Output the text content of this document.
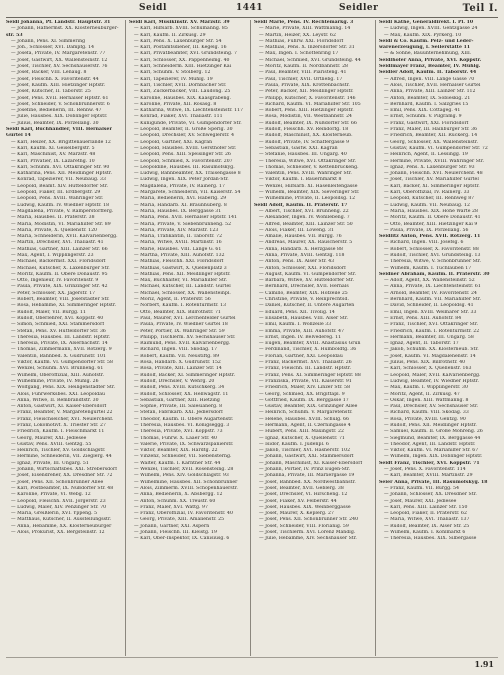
Seidl	1441	Seidler	Teil I.
Seidl Johanna, Pf. Landstr. Hauptstr. 31
— Johann, Hafnermst. XX. Klosterneuburger-
str. 53
— Johann, Pens. XI. Simmering
— Joh., Schlosser, XVI. Dampfg. 14
— Josefa, Private, IV. Margaretenstr. 77
— Josef, Gastwirt, XX. Wallensteinstr. 12
— Josef, Tischler, XV. Sechshauserstr. 76
— Josef, Bäcker, VIII. Lenaug. 8
— Josef, Fleischh. X. Favoritenstr. 44
— Josef, Kaufm. XIII. Hietzinger Hptstr.
— Josef, Kutscher, II. Taborstr. 25
— Josef, Pens. XVII. Hernalser Hptstr. 61
— Josef, Schneider, V. Schönbrunnerstr. 6
— Josefine, Bedienerin, III. Rennw. 47
— Julie, Hausbes. XIX. Döblinger Hptstr.
— Julius, Beamter, IX. Porzellang. 30
Seidl Karl, Buchhändler, VIII. Hernalser
Gürtel 14
— Karl, Heizer, XX. Brigittenauerlände 12
— Karl, Kaufm. XI. Geiselbergstr. 5
— Karl, Maschinist, XV. Märzstr. 48
— Karl, Privatier, IX. Lazarethg. 10
— Karl, Schuhm. XVI. Ottakringer Str. 90
— Katharina, Pens. XII. Meidlinger Hptstr.
— Konrad, Tapezierer, VII. Neubaug. 33
— Leopold, Beamt. XIV. Hütteldorfer Str.
— Leopold, Fiaker, III. Erdbergstr. 29
— Leopold, Pens. XVIII. Währinger Str.
— Ludwig, Kaufm. IV. Wiedner Hptstr. 18
— Magdalena, Private, V. Ramperstorfferg.
— Maria, Hausbes. II. Praterstr. 38
— Maria, Modistin, VI. Mariahilfer Str. 89
— Maria, Private, X. Quellenstr. 120
— Maria, Schneiderin, XVII. Kalvarienbergg.
— Martin, Drechsler, XVI. Thaliastr. 41
— Mathias, Gärtner, XIII. Lainzer Str. 66
— Max, Agent, I. Wipplingerstr. 23
— Michael, Bäckermst. XXI. Floridsdorf
— Michael, Kutscher, X. Laxenburger Str.
— Moritz, Kaufm. II. Obere Donaustr. 95
— Otto, Ingenieur, IV. Favoritenstr. 9
— Paula, Private, XIX. Grinzinger Str. 42
— Peter, Schlosser, XX. Jägerstr. 17
— Robert, Beamter, VIII. Josefstädter Str.
— Rosa, Hebamme, XI. Simmeringer Hptstr.
— Rudolf, Maler, VII. Burgg. 11
— Rudolf, Oberlehrer, XVI. Koppstr. 40
— Simon, Schmied, XXI. Stammersdorf
— Stefan, Pens. XV. Hütteldorfer Str. 36
— Theresia, Hausbes. III. Landstr. Hptstr.
— Theresia, Private, IX. Alserbachstr. 14
— Thomas, Zimmermann, XVII. Rötzerg. 9
— Valentin, Bahnbed. X. Gudrunstr. 101
— Viktor, Kaufm. VI. Gumpendorfer Str. 58
— Wenzel, Schuhm. XVI. Brunneng. 61
— Wilhelm, Oberoffizial, XIII. Auhofstr.
— Wilhelmine, Private, IV. Mühlg. 26
— Wolfgang, Pens. XIX. Heiligenstädter Str.
— Alois, Fuhrwerksbes. XXI. Leopoldau
— Anna, Witwe, II. Rembrandtstr. 30
— Anton, Gastwirt, XI. Kaiser-Ebersdorf
— Franz, Beamter, V. Margaretengürtel 22
— Franz, Fleischselcher, XVI. Neulerchenf.
— Franz, Lokomotivf. X. Triester Str. 27
— Friedrich, Kaufm. I. Fleischmarkt 11
— Georg, Maurer, XXI. Jedlesee
— Gustav, Pens. XVIII. Gentzg. 55
— Heinrich, Tischler, XV. Goldschlagstr.
— Hermine, Schneiderin, VII. Zieglerg. 44
— Ignaz, Private, III. Ungarg. 51
— Johann, Wirtschaftsbes. XXI. Strebersdorf
— Josef, Eisendreher, XX. Dresdner Str. 72
— Josef, Pens. XII. Schönbrunner Allee
— Karl, Postbeamter, IX. Nußdorfer Str. 48
— Karoline, Private, VI. Webg. 12
— Leopold, Fleischh. XVII. Jörgerstr. 23
— Ludwig, Maler, XIV. Penzinger Str. 70
— Maria, Greißlerin, XVI. Yppeng. 5
— Matthäus, Kutscher, II. Ausstellungsstr.
— Anna, Hebamme, XX. Klosterneuburger
— Alois, Prokurist, XX. Bergsteinstr. 12
Seidl Karl, Musikinstr. XV. Märzstr. 39
— Karl, Hilfsarb. XVIII. Schumanng. 85
— Karl, Kaufm. II. Zirkusg. 29
— Karl, Pens. X. Laxenburger Str. 54
— Karl, Postamtsdiener, III. Kegelg. 16
— Karl, Privatbeamter, XVI. Grundsteing. 7
— Karl, Schlosser, XX. Pappenheimg. 40
— Karl, Schneiderm. XIII. Hietzinger Kai
— Karl, Schuhm. V. Stolberg. 12
— Karl, Tapezierer, IV. Mühlg. 19
— Karl, Tischler, XVII. Dornbacher Str.
— Karl, Zuckerbäcker, VIII. Laudong. 25
— Karoline, Hausbes. XIX. Kaasgrabeng.
— Karoline, Private, XII. Rosasg. 8
— Katharina, Witwe, IX. Liechtensteinstr. 117
— Konrad, Fiaker, XVI. Thaliastr. 111
— Kunigunde, Private, VI. Gumpendorfer Str.
— Leopold, Beamter, II. Große Sperlg. 30
— Leopold, Drechsler, XV. Schweglerstr. 4
— Leopold, Gärtner, XXI. Kagran
— Leopold, Hausbes. XVIII. Gersthofer Str.
— Leopold, Pens. XIII. Speisinger Str. 26
— Leopold, Schmied, X. Favoritenstr. 207
— Leopoldine, Hausbes. III. Rasumofskyg.
— Ludwig, Bahnbeamter, XX. Traisengasse 8
— Ludwig, Ingen. XIX. Peter Jordan-Str.
— Magdalena, Private, IV. Rainerg. 17
— Margarete, Schneiderin, VII. Kaiserstr. 54
— Maria, Bedienerin, XVI. Haberlg. 29
— Maria, Handarb. XI. Braunhuberg. 8
— Maria, Hausbes. IX. Berggasse 31
— Maria, Pens. XVII. Hernalser Hptstr. 141
— Maria, Private, V. Siebenbrunneng. 52
— Maria, Private, XIV. Märzstr. 123
— Maria, Trafikantin, II. Taborstr. 72
— Maria, Witwe, XVIII. Martinstr. 16
— Marie, Hausbes. VIII. Lange G. 61
— Martha, Private, XIII. Auhofstr. 132
— Mathias, Fleischh. XXI. Floridsdorf
— Mathias, Gastwirt, X. Quellenplatz 3
— Mathias, Pens. XII. Meidlinger Hptstr.
— Max, Buchhalter, VI. Mariahilfer Str.
— Michael, Kutscher, III. Landstr. Gürtel
— Michael, Schlosser, XX. Wallensteinpl.
— Moriz, Agent, II. Praterstr. 56
— Norbert, Kaufm. I. Rotenturmstr. 13
— Otto, Beamter, XIX. Billrothstr. 71
— Paul, Maurer, XVI. Lerchenfelder Gürtel
— Paula, Private, IV. Wiedner Gürtel 18
— Peter, Portier, IX. Währinger Str. 59
— Philipp, Tischlerm. XV. Sechshauser Str.
— Raimund, Pens. XVII. Kalvarienbergg.
— Richard, Ingen. VIII. Skodag. 17
— Robert, Kaufm. VII. Neustiftg. 89
— Rosa, Handarb. X. Gudrunstr. 152
— Rosa, Private, XIII. Lainzer Str. 14
— Rudolf, Bäcker, XI. Simmeringer Hptstr.
— Rudolf, Drechsler, V. Wehrg. 20
— Rudolf, Pens. XVIII. Kutschkerg. 34
— Rudolf, Schlosser, XX. Hellwagstr. 11
— Sebastian, Gärtner, XIII. Hietzing
— Sophie, Private, III. Salesianerg. 8
— Stefan, Fabrikarb. XXI. Jedlersdorf
— Theodor, Kaufm. II. Obere Augartenstr.
— Theresia, Hausbes. VI. Königseggg. 3
— Theresia, Private, XVI. Koppstr. 73
— Thomas, Fuhrw. X. Laaer Str. 40
— Valerie, Private, IX. Schwarzspanierstr.
— Viktor, Beamter, XIX. Hardtg. 22
— Vinzenz, Schneider, VII. Siebensterng.
— Walter, Kaufm. I. Kärntner Str. 44
— Wenzel, Tischler, XVII. Rosensteing. 28
— Wilhelm, Pens. XIV. Goldschlagstr. 93
— Wilhelmine, Hausbes. XII. Schönbrunner
— Alois, Zimmerm. XVIII. Schopenhauerstr.
— Anna, Bedienerin, X. Absbergg. 12
— Anton, Schuhm. XX. Treustr. 60
— Franz, Maler, XVI. Wattg. 97
— Franz, Oberoffizial, IV. Favoritenstr. 40
— Georg, Private, XIII. Amalienstr. 25
— Johann, Gärtner, XXI. Aspern
— Johann, Fleischh. III. Kleistg. 19
— Karl, Ober-Inspektor, IX. Canisiusg. 6
Seidl Marie, Pens. IV. Rechtemarkg. 3
— Marie, Private, XIII. Wattmanng. 14
— Martin, Heizer, XX. Leystr. 62
— Mathias, Fuhrw. XXI. Floridsdorf
— Mathias, Pens. X. Inzersdorfer Str. 31
— Max, Ingen. I. Schottenring 17
— Michael, Schmied, XVI. Grundsteing. 44
— Moritz, Kaufm. II. Nordbahnstr. 28
— Paul, Beamter, VIII. Piaristeng. 41
— Paul, Tischler, XVII. Ortliebg. 17
— Paula, Private, XIX. Krottenbachstr.
— Peter, Bäcker, XII. Meidlinger Hptstr.
— Philipp, Kutscher, X. Favoritenstr. 146
— Richard, Kaufm. VI. Mariahilfer Str. 105
— Robert, Pens. XIII. Hietzinger Hptstr.
— Rosa, Modistin, VII. Westbahnstr. 24
— Rudolf, Beamter, IX. Nußdorfer Str. 66
— Rudolf, Fleischh. XV. Reindorfg. 18
— Rudolf, Maschinist, XX. Klosterneub.
— Rudolf, Private, IV. Schäffergasse 9
— Sebastian, Gastw. XXI. Kagran
— Stefanie, Hausbes. III. Ungarg. 40
— Theresia, Witwe, XVI. Ottakringer Str.
— Thomas, Schneider, V. Kettenbrückeng.
— Valentin, Pens. XVIII. Währinger Str.
— Viktor, Kaufm. I. Bauernmarkt 8
— Wenzel, Hilfsarb. XI. Hasenleitengasse
— Wilhelm, Beamter, XIX. Sieveringer Str.
— Wilhelmine, Private, II. Leopoldsg. 12
Seidl Adolf, Kaufm. II. Praterstr. 17
— Albert, Tischler, XVI. Brunneng. 22
— Alexander, Ingen. IV. Wohllebeng. 7
— Alfred, Beamter, XIII. Lainzer Str. 50
— Alois, Fiaker, III. Löweng. 31
— Amalie, Hausbes. VII. Burgg. 76
— Andreas, Maurer, XX. Rauscherstr. 5
— Anna, Handarb. X. Herzgasse 88
— Anna, Private, XVIII. Gentzg. 118
— Anton, Pens. IX. Alser Str. 43
— Anton, Schlosser, XXI. Floridsdorf
— August, Kaufm. VI. Gumpendorfer Str.
— Barbara, Witwe, XV. Hütteldorfer Str.
— Bernhard, Drechsler, XVII. Hernals
— Camillo, Beamter, XIX. Hofzeile 25
— Christine, Private, V. Reinprechtsd.
— Daniel, Kutscher, II. Untere Augarten
— Eduard, Pens. XII. Tivolig. 14
— Elisabeth, Hausbes. VIII. Alser Str.
— Emil, Kaufm. I. Wollzeile 33
— Emma, Private, XIII. Auhofstr. 47
— Ernst, Ingen. IV. Belvedereg. 11
— Eugen, Beamter, XVIII. Anastasius Grün
— Ferdinand, Tischler, X. Humboldtg. 36
— Florian, Gärtner, XXI. Leopoldau
— Franz, Bäckermst. XVI. Thaliastr. 26
— Franz, Fleischh. III. Landstr. Hptstr.
— Franz, Pens. XI. Simmeringer Hptstr. 88
— Franziska, Private, VII. Kaiserstr. 91
— Friedrich, Maler, XIV. Linzer Str. 58
— Georg, Schmied, XX. Brigittapl. 9
— Gottfried, Kaufm. IX. Berggasse 17
— Gustav, Beamter, XIX. Grinzinger Allee
— Heinrich, Schuhm. V. Margaretenstr.
— Helene, Hausbes. XVIII. Schulg. 66
— Hermann, Agent, II. Czerningasse 4
— Hubert, Pens. XIII. Maxingstr. 22
— Ignaz, Kutscher, X. Quellenstr. 71
— Isidor, Kaufm. I. Judenpl. 6
— Jakob, Tischler, XVI. Hasnerstr. 102
— Johann, Gastwirt, XXI. Stammersdorf
— Johann, Maschinist, XI. Kaiser-Ebersdorf
— Johann, Portier, IV. Prinz Eugen-Str.
— Johanna, Private, III. Marxergasse 19
— Josef, Bahnbed. XX. Nordwestbahnstr.
— Josef, Beamter, XVII. Geblerg. 38
— Josef, Drechsler, VI. Hirscheng. 12
— Josef, Fiaker, XV. Felberstr. 44
— Josef, Hausbes. XIX. Weinberggasse
— Josef, Maurer, X. Keplerg. 27
— Josef, Pens. XII. Schönbrunner Str. 240
— Josef, Schneider, VIII. Florianig. 59
— Josef, Tischlerm. XVI. Lorenz Mandlg.
— Julie, Hebamme, XIV. Sechshauser Str.
Seidl Käthe, Generaldirekt. I. Pl. 10
— Ludwig, Ingen. XVIII. Gentzgasse 24
— Max, Kaufm. XIX. Pyrkerg. 10
Seidl & Co. Kaufm. Pelz- und Leder-
warenerzeugung, I. Seilerstätte 11
— & Söhne, Bauunternehmung, XIII.
Seidlhofer Anna, Private, XVI. Koppstr.
Seidlmayer Franz, Beamter, IV. Mühlg.
Seidler Adolf, Kaufm. II. Taborstr. 44
— Alfred, Ingen. VIII. Lange Gasse 70
— Alois, Tischler, XVII. Hernalser Gürtel
— Anna, Private, XIII. Lainzer Str. 112
— Anton, Beamter, IX. Sobieskig. 21
— Bernhard, Kaufm. I. Salzgries 15
— Emil, Pens. XIX. Cottageg. 41
— Ernst, Schuhm. V. Pilgramg. 9
— Franz, Gastwirt, XXI. Floridsdorf
— Franz, Maler, III. Hainburger Str. 36
— Friedrich, Beamter, XII. Ruckerg. 14
— Georg, Schlosser, XX. Wallensteinstr.
— Gustav, Kaufm. VI. Gumpendorfer Str. 72
— Heinrich, Agent, II. Lessingg. 19
— Hermine, Private, XVIII. Währinger Str.
— Ignaz, Pens. X. Laxenburger Str. 93
— Johann, Fleischh. XVI. Neulerchenf. 48
— Josef, Tischler, XV. Mariahilfer Gürtel
— Karl, Bäcker, XI. Simmeringer Hptstr.
— Karl, Oberoffizial, IV. Rainerg. 33
— Leopold, Kutscher, III. Rennweg 87
— Ludwig, Kaufm. VII. Neubaug. 12
— Maria, Hausbes. XIX. Hohe Warte 28
— Moritz, Kaufm. II. Obere Donaustr. 41
— Otto, Beamter, XIII. Hietzinger Kai 9
— Paula, Private, IX. Porzellang. 56
Seidlitz Anton, Pens. XVII. Rötzerg. 11
— Richard, Ingen. VIII. Josefsg. 6
— Robert, Schlosser, X. Favoritenstr. 88
— Rudolf, Tischler, XVI. Grundsteing. 13
— Theresia, Witwe, V. Schönbrunner Str.
— Wilhelm, Kaufm. I. Tuchlauben 17
Seidner Abraham, Kaufm. II. Praterstr. 30
— Adolf, Agent, XX. Wallensteinstr. 52
— Anna, Private, IX. Liechtensteinstr. 61
— Arnold, Beamter, IV. Favoritenstr. 24
— Bernhard, Kaufm. VII. Mariahilfer Str.
— David, Schneider, II. Leopoldsg. 41
— Emil, Ingen. XVIII. Weimarer Str. 33
— Ernst, Pens. XIII. Auhofstr. 84
— Franz, Tischler, XVI. Ottakringer Str.
— Friedrich, Kaufm. I. Rotenturmstr. 22
— Hermann, Beamter, III. Ungarg. 58
— Ignaz, Agent, II. Taborstr. 17
— Jakob, Schuhm. XX. Klosterneub. Str.
— Josef, Kaufm. VI. Magdalenenstr. 14
— Julius, Pens. XIX. Billrothstr. 40
— Karl, Schlosser, X. Quellenstr. 163
— Leopold, Maler, XVII. Kalvarienbergg.
— Ludwig, Beamter, IV. Wiedner Hptstr.
— Max, Kaufm. I. Wipplingerstr. 30
— Moritz, Agent, II. Zirkusg. 47
— Oskar, Ingen. XIII. Wattmanng. 8
— Paul, Drechsler, XV. Sechshauser Str.
— Richard, Kaufm. VIII. Skodag. 33
— Rosa, Private, XVIII. Gentzg. 90
— Rudolf, Pens. XII. Meidlinger Hptstr.
— Samuel, Kaufm. II. Große Mohreng. 26
— Siegmund, Beamter, IX. Berggasse 44
— Theodor, Agent, III. Landstr. Hptstr.
— Viktor, Kaufm. VI. Mariahilfer Str. 67
— Wilhelm, Ingen. XIX. Döblinger Hptstr.
Seidt Franz, Tischler, XVI. Koppstr. 71
— Josef, Pens. X. Favoritenstr. 114
— Karl, Beamter, XVIII. Martinstr. 29
Seier Anna, Private, III. Rasumofskyg. 18
— Franz, Kaufm. VII. Burgg. 54
— Johann, Schlosser, XX. Dresdner Str.
— Josef, Maurer, XXI. Jedlesee
— Karl, Pens. XIII. Lainzer Str. 150
— Leopold, Fiaker, II. Praterstr. 62
— Maria, Witwe, XVI. Thaliastr. 137
— Rudolf, Beamter, IX. Alser Str. 25
— Wilhelm, Kaufm. I. Kohlmarkt 6
— Theresia, Hausbes. XIX. Silbergasse
1.91
